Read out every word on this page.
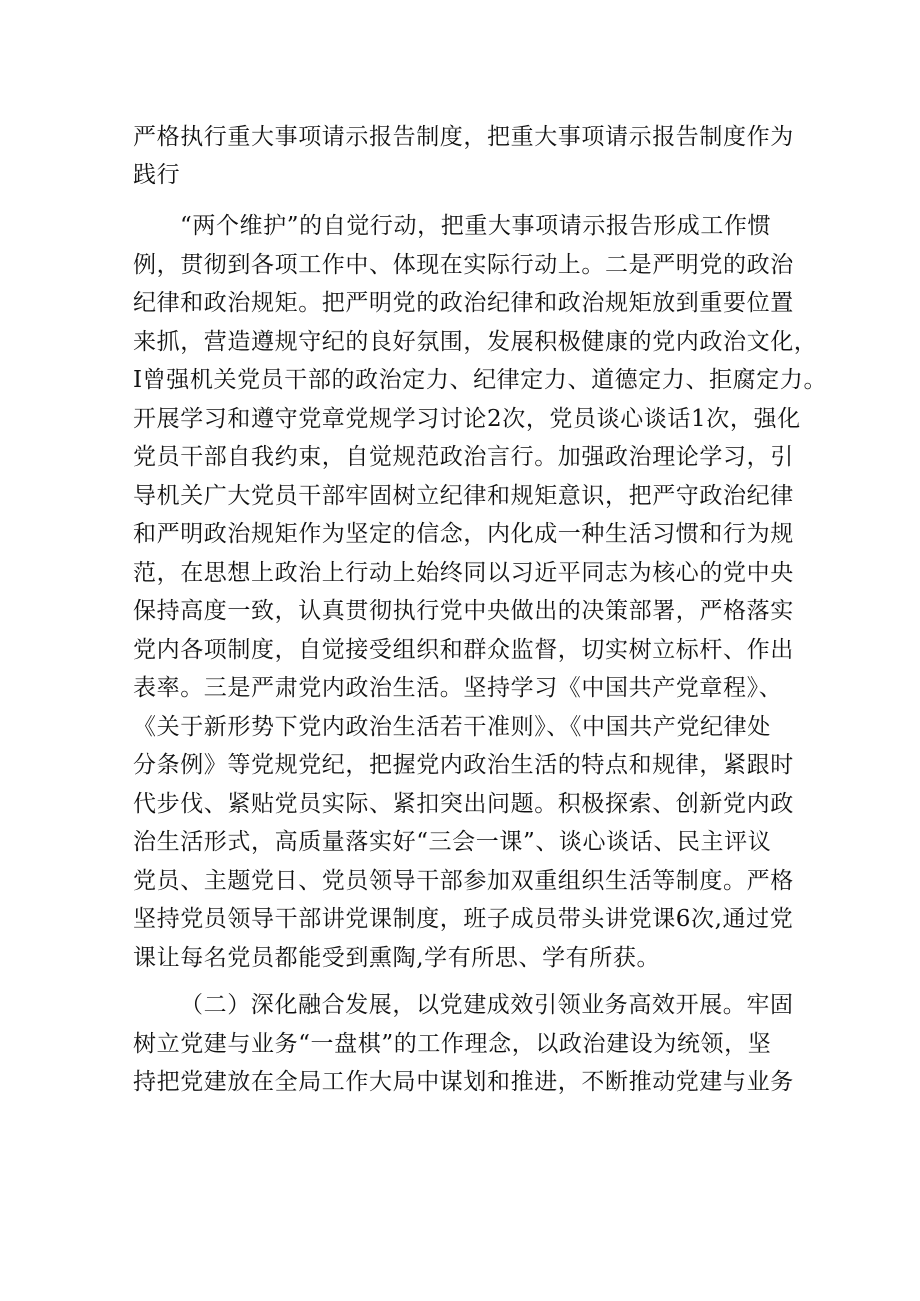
严格执行重大事项请示报告制度，把重大事项请示报告制度作为
践行
“两个维护”的自觉行动，把重大事项请示报告形成工作惯
例，贯彻到各项工作中、体现在实际行动上。二是严明党的政治
纪律和政治规矩。把严明党的政治纪律和政治规矩放到重要位置
来抓，营造遵规守纪的良好氛围，发展积极健康的党内政治文化，
I曾强机关党员干部的政治定力、纪律定力、道德定力、拒腐定力。
开展学习和遵守党章党规学习讨论2次，党员谈心谈话1次，强化
党员干部自我约束，自觉规范政治言行。加强政治理论学习，引
导机关广大党员干部牢固树立纪律和规矩意识，把严守政治纪律
和严明政治规矩作为坚定的信念，内化成一种生活习惯和行为规
范，在思想上政治上行动上始终同以习近平同志为核心的党中央
保持高度一致，认真贯彻执行党中央做出的决策部署，严格落实
党内各项制度，自觉接受组织和群众监督，切实树立标杆、作出
表率。三是严肃党内政治生活。坚持学习《中国共产党章程》、
《关于新形势下党内政治生活若干准则》、《中国共产党纪律处
分条例》等党规党纪，把握党内政治生活的特点和规律，紧跟时
代步伐、紧贴党员实际、紧扣突出问题。积极探索、创新党内政
治生活形式，高质量落实好“三会一课”、谈心谈话、民主评议
党员、主题党日、党员领导干部参加双重组织生活等制度。严格
坚持党员领导干部讲党课制度，班子成员带头讲党课6次,通过党
课让每名党员都能受到熏陶,学有所思、学有所获。
（二）深化融合发展，以党建成效引领业务高效开展。牢固
树立党建与业务“一盘棋”的工作理念，以政治建设为统领，坚
持把党建放在全局工作大局中谋划和推进，不断推动党建与业务
